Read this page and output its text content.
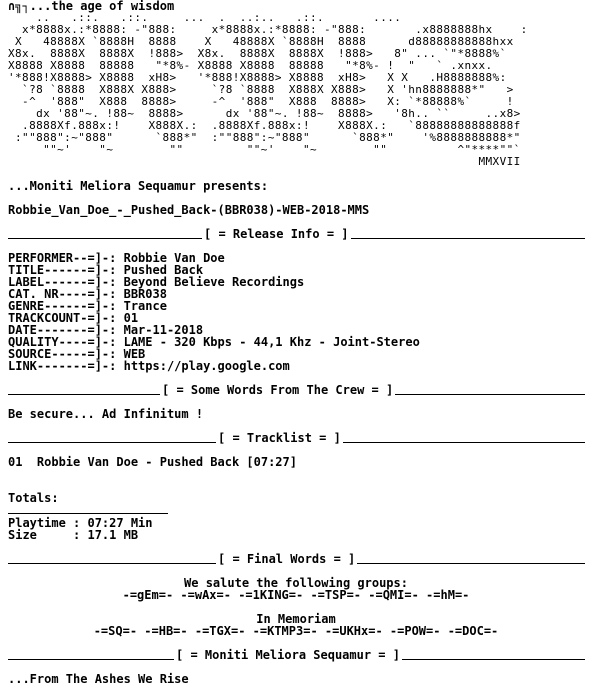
∩╗┐...the age of wisdom
..   .::.   .::.     ...  .  ..:..   .::.       ....
x*8888x.:*8888: -"888:     x*8888x.:*8888: -"888:       .x8888888hx    :
X   48888X `8888H  8888    X   48888X `8888H  8888      d88888888888hxx
X8x.  8888X  8888X  !888>  X8x.  8888X  8888X  !888>   8" ... `"*8888%`
X8888 X8888  88888   "*8%- X8888 X8888  88888   "*8%- !  "   ` .xnxx.
'*888!X8888> X8888  xH8>   '*888!X8888> X8888  xH8>   X X   .H8888888%:
`?8 `8888  X888X X888>     `?8 `8888  X888X X888>   X 'hn8888888*"   >
-^  '888"  X888  8888>     -^  '888"  X888  8888>   X: `*88888%`     !
dx '88"~. !88~  8888>      dx '88"~. !88~  8888>   '8h.. ``     ..x8>
.8888Xf.888x:!    X888X.:  .8888Xf.888x:!    X888X.:   `88888888888888f
:""888":~"888"      `888*"  :""888":~"888"      `888*"    '%8888888888*"
""~'    "~        ""         ""~'    "~        ""          ^"****""`
MMXVII

...Moniti Meliora Sequamur presents:

Robbie_Van_Doe_-_Pushed_Back-(BBR038)-WEB-2018-MMS

[ = Release Info = ]

PERFORMER--=]-: Robbie Van Doe
TITLE------=]-: Pushed Back
LABEL------=]-: Beyond Believe Recordings
CAT. NR----=]-: BBR038
GENRE------=]-: Trance
TRACKCOUNT-=]-: 01
DATE-------=]-: Mar-11-2018
QUALITY----=]-: LAME - 320 Kbps - 44,1 Khz - Joint-Stereo
SOURCE-----=]-: WEB
LINK-------=]-: https://play.google.com

[ = Some Words From The Crew = ]

Be secure... Ad Infinitum !

[ = Tracklist = ]

01  Robbie Van Doe - Pushed Back [07:27]

Totals:
Playtime : 07:27 Min
Size     : 17.1 MB

[ = Final Words = ]

We salute the following groups:
-=gEm=- -=wAx=- -=1KING=- -=TSP=- -=QMI=- -=hM=-

In Memoriam
-=SQ=- -=HB=- -=TGX=- -=KTMP3=- -=UKHx=- -=POW=- -=DOC=-

[ = Moniti Meliora Sequamur = ]

...From The Ashes We Rise
